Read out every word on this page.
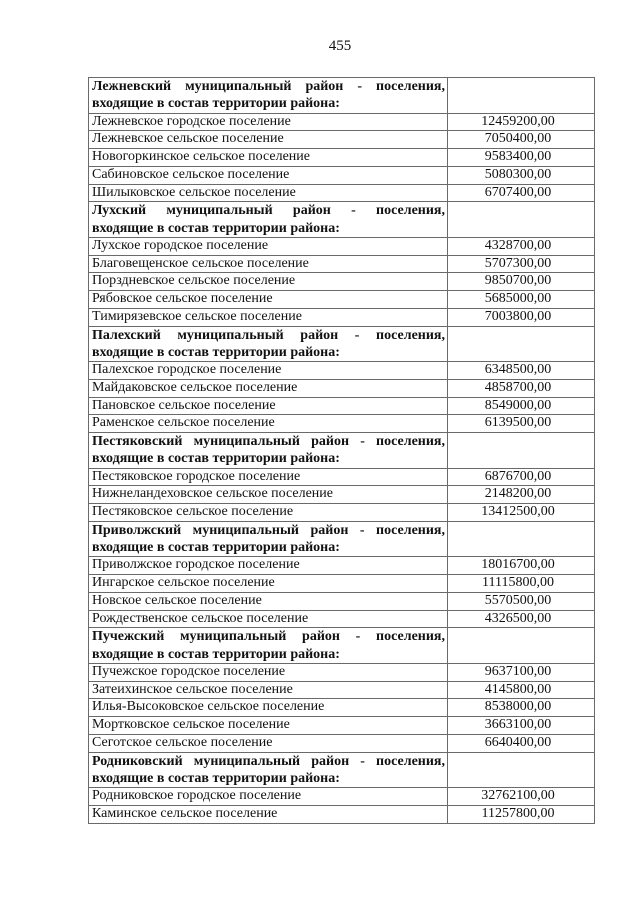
455
Лежневский муниципальный район - поселения,
входящие в состав территории района:	

Лежневское городское поселение	12459200,00
Лежневское сельское поселение	7050400,00
Новогоркинское сельское поселение	9583400,00
Сабиновское сельское поселение	5080300,00
Шилыковское сельское поселение	6707400,00

Лухский муниципальный район - поселения,
входящие в состав территории района:	

Лухское городское поселение	4328700,00
Благовещенское сельское поселение	5707300,00
Порздневское сельское поселение	9850700,00
Рябовское сельское поселение	5685000,00
Тимирязевское сельское поселение	7003800,00

Палехский муниципальный район - поселения,
входящие в состав территории района:	

Палехское городское поселение	6348500,00
Майдаковское сельское поселение	4858700,00
Пановское сельское поселение	8549000,00
Раменское сельское поселение	6139500,00

Пестяковский муниципальный район - поселения,
входящие в состав территории района:	

Пестяковское городское поселение	6876700,00
Нижнеландеховское сельское поселение	2148200,00
Пестяковское сельское поселение	13412500,00

Приволжский муниципальный район - поселения,
входящие в состав территории района:	

Приволжское городское поселение	18016700,00
Ингарское сельское поселение	11115800,00
Новское сельское поселение	5570500,00
Рождественское сельское поселение	4326500,00

Пучежский муниципальный район - поселения,
входящие в состав территории района:	

Пучежское городское поселение	9637100,00
Затеихинское сельское поселение	4145800,00
Илья-Высоковское сельское поселение	8538000,00
Мортковское сельское поселение	3663100,00
Сеготское сельское поселение	6640400,00

Родниковский муниципальный район - поселения,
входящие в состав территории района:	

Родниковское городское поселение	32762100,00
Каминское сельское поселение	11257800,00
